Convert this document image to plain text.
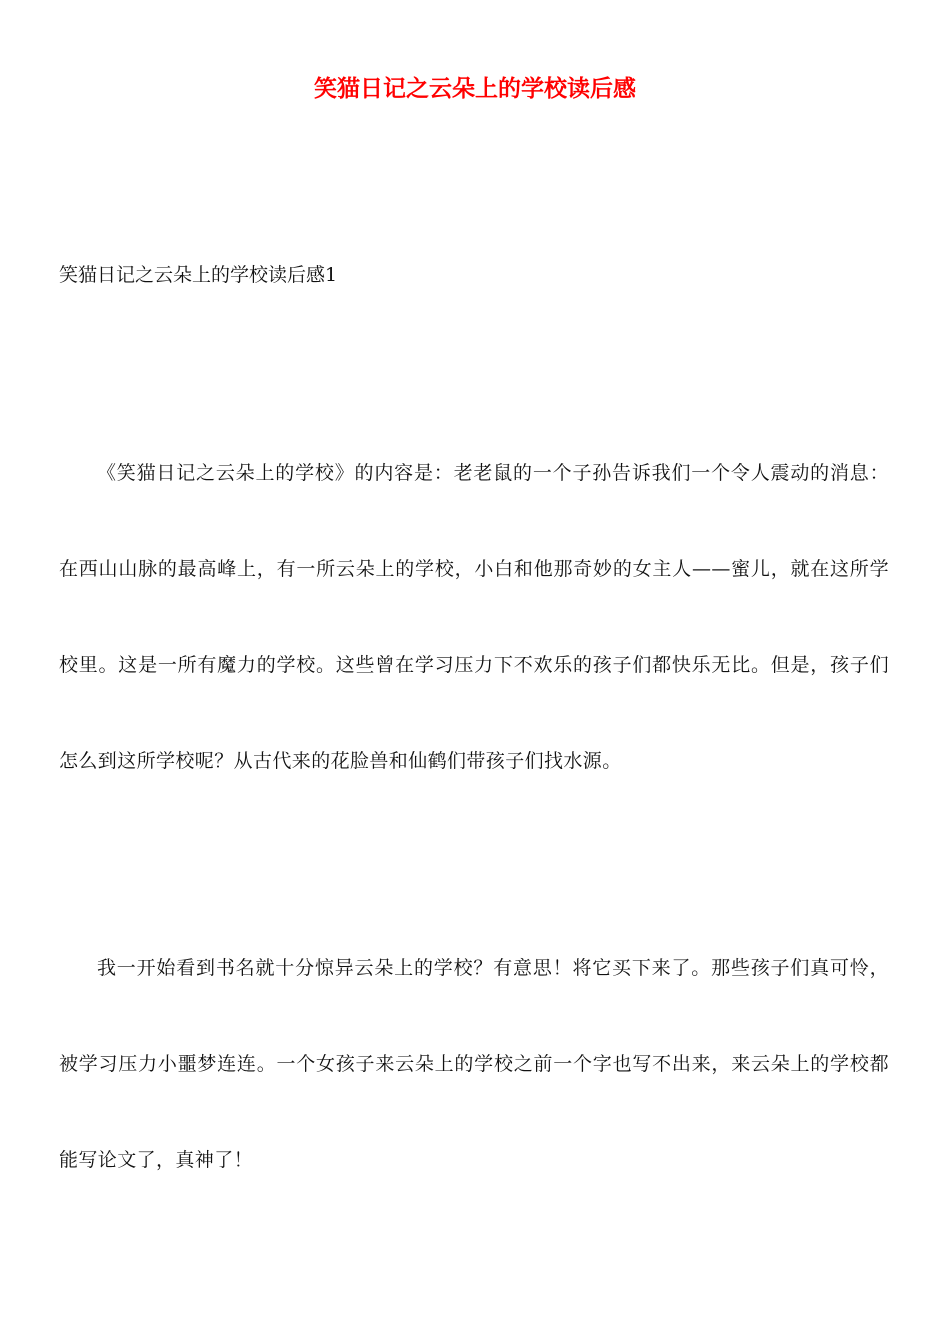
笑猫日记之云朵上的学校读后感

笑猫日记之云朵上的学校读后感1

《笑猫日记之云朵上的学校》的内容是：老老鼠的一个子孙告诉我们一个令人震动的消息：在西山山脉的最高峰上，有一所云朵上的学校，小白和他那奇妙的女主人——蜜儿，就在这所学校里。这是一所有魔力的学校。这些曾在学习压力下不欢乐的孩子们都快乐无比。但是，孩子们怎么到这所学校呢？从古代来的花脸兽和仙鹤们带孩子们找水源。

我一开始看到书名就十分惊异云朵上的学校？有意思！将它买下来了。那些孩子们真可怜，被学习压力小噩梦连连。一个女孩子来云朵上的学校之前一个字也写不出来，来云朵上的学校都能写论文了，真神了！
